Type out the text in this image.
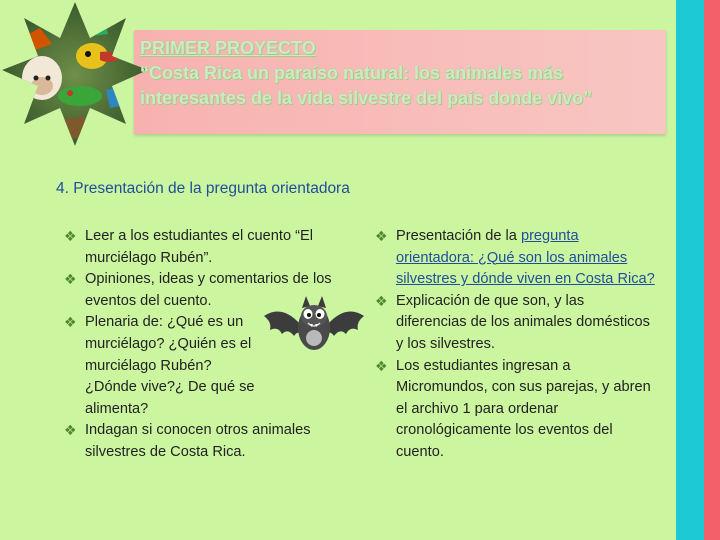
PRIMER PROYECTO
“Costa Rica un paraíso natural: los animales más
interesantes de la vida silvestre del país donde vivo”
4. Presentación de la pregunta orientadora
❖ Leer a los estudiantes el cuento “El murciélago Rubén”.
❖ Opiniones, ideas y comentarios de los eventos del cuento.
❖ Plenaria de: ¿Qué es un murciélago? ¿Quién es el murciélago Rubén? ¿Dónde vive?¿ De qué se alimenta?
❖ Indagan si conocen otros animales silvestres de Costa Rica.
❖ Presentación de la pregunta orientadora: ¿Qué son los animales silvestres y dónde viven en Costa Rica?
❖ Explicación de que son, y las diferencias de los animales domésticos y los silvestres.
❖ Los estudiantes ingresan a Micromundos, con sus parejas, y abren el archivo 1 para ordenar cronológicamente los eventos del cuento.
